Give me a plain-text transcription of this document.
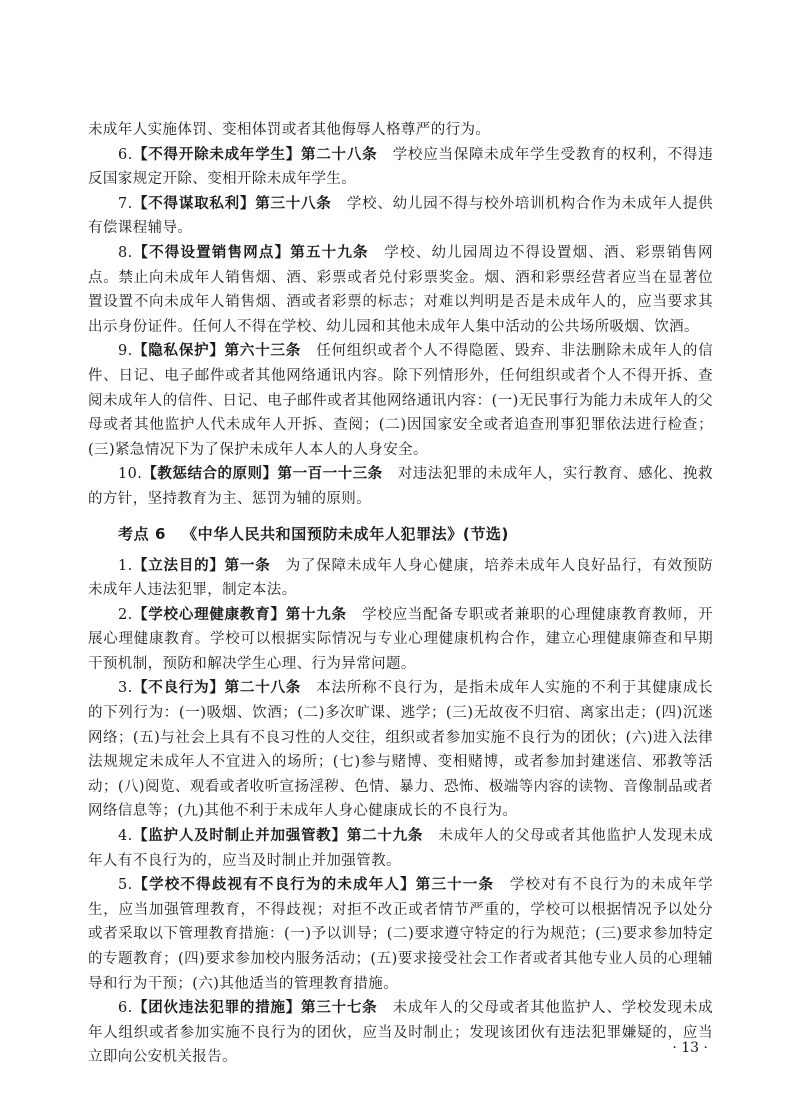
未成年人实施体罚、变相体罚或者其他侮辱人格尊严的行为。

6.【不得开除未成年学生】第二十八条　学校应当保障未成年学生受教育的权利，不得违反国家规定开除、变相开除未成年学生。

7.【不得谋取私利】第三十八条　学校、幼儿园不得与校外培训机构合作为未成年人提供有偿课程辅导。

8.【不得设置销售网点】第五十九条　学校、幼儿园周边不得设置烟、酒、彩票销售网点。禁止向未成年人销售烟、酒、彩票或者兑付彩票奖金。烟、酒和彩票经营者应当在显著位置设置不向未成年人销售烟、酒或者彩票的标志；对难以判明是否是未成年人的，应当要求其出示身份证件。任何人不得在学校、幼儿园和其他未成年人集中活动的公共场所吸烟、饮酒。

9.【隐私保护】第六十三条　任何组织或者个人不得隐匿、毁弃、非法删除未成年人的信件、日记、电子邮件或者其他网络通讯内容。除下列情形外，任何组织或者个人不得开拆、查阅未成年人的信件、日记、电子邮件或者其他网络通讯内容：(一)无民事行为能力未成年人的父母或者其他监护人代未成年人开拆、查阅；(二)因国家安全或者追查刑事犯罪依法进行检查；(三)紧急情况下为了保护未成年人本人的人身安全。

10.【教惩结合的原则】第一百一十三条　对违法犯罪的未成年人，实行教育、感化、挽救的方针，坚持教育为主、惩罚为辅的原则。

考点 6 《中华人民共和国预防未成年人犯罪法》(节选)

1.【立法目的】第一条　为了保障未成年人身心健康，培养未成年人良好品行，有效预防未成年人违法犯罪，制定本法。

2.【学校心理健康教育】第十九条　学校应当配备专职或者兼职的心理健康教育教师，开展心理健康教育。学校可以根据实际情况与专业心理健康机构合作，建立心理健康筛查和早期干预机制，预防和解决学生心理、行为异常问题。

3.【不良行为】第二十八条　本法所称不良行为，是指未成年人实施的不利于其健康成长的下列行为：(一)吸烟、饮酒；(二)多次旷课、逃学；(三)无故夜不归宿、离家出走；(四)沉迷网络；(五)与社会上具有不良习性的人交往，组织或者参加实施不良行为的团伙；(六)进入法律法规规定未成年人不宜进入的场所；(七)参与赌博、变相赌博，或者参加封建迷信、邪教等活动；(八)阅览、观看或者收听宣扬淫秽、色情、暴力、恐怖、极端等内容的读物、音像制品或者网络信息等；(九)其他不利于未成年人身心健康成长的不良行为。

4.【监护人及时制止并加强管教】第二十九条　未成年人的父母或者其他监护人发现未成年人有不良行为的，应当及时制止并加强管教。

5.【学校不得歧视有不良行为的未成年人】第三十一条　学校对有不良行为的未成年学生，应当加强管理教育，不得歧视；对拒不改正或者情节严重的，学校可以根据情况予以处分或者采取以下管理教育措施：(一)予以训导；(二)要求遵守特定的行为规范；(三)要求参加特定的专题教育；(四)要求参加校内服务活动；(五)要求接受社会工作者或者其他专业人员的心理辅导和行为干预；(六)其他适当的管理教育措施。

6.【团伙违法犯罪的措施】第三十七条　未成年人的父母或者其他监护人、学校发现未成年人组织或者参加实施不良行为的团伙，应当及时制止；发现该团伙有违法犯罪嫌疑的，应当立即向公安机关报告。

· 13 ·
